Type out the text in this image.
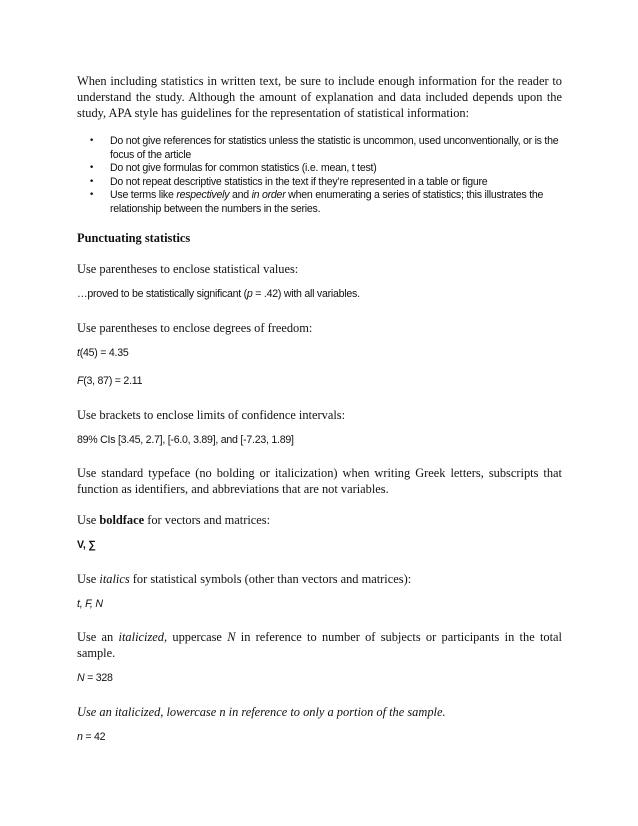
When including statistics in written text, be sure to include enough information for the reader to understand the study. Although the amount of explanation and data included depends upon the study, APA style has guidelines for the representation of statistical information:

• Do not give references for statistics unless the statistic is uncommon, used unconventionally, or is the focus of the article
• Do not give formulas for common statistics (i.e. mean, t test)
• Do not repeat descriptive statistics in the text if they’re represented in a table or figure
• Use terms like respectively and in order when enumerating a series of statistics; this illustrates the relationship between the numbers in the series.

Punctuating statistics

Use parentheses to enclose statistical values:

…proved to be statistically significant (p = .42) with all variables.

Use parentheses to enclose degrees of freedom:

t(45) = 4.35

F(3, 87) = 2.11

Use brackets to enclose limits of confidence intervals:

89% CIs [3.45, 2.7], [-6.0, 3.89], and [-7.23, 1.89]

Use standard typeface (no bolding or italicization) when writing Greek letters, subscripts that function as identifiers, and abbreviations that are not variables.

Use boldface for vectors and matrices:

V, ∑

Use italics for statistical symbols (other than vectors and matrices):

t, F, N

Use an italicized, uppercase N in reference to number of subjects or participants in the total sample.

N = 328

Use an italicized, lowercase n in reference to only a portion of the sample.

n = 42
